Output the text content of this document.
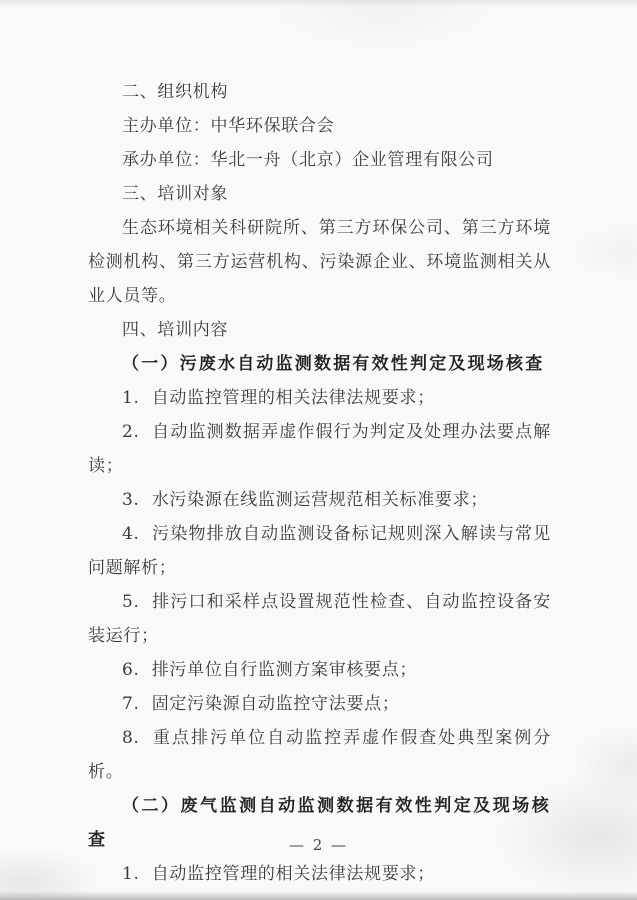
二、组织机构

主办单位：中华环保联合会

承办单位：华北一舟（北京）企业管理有限公司

三、培训对象

生态环境相关科研院所、第三方环保公司、第三方环境检测机构、第三方运营机构、污染源企业、环境监测相关从业人员等。

四、培训内容

（一）污废水自动监测数据有效性判定及现场核查

1. 自动监控管理的相关法律法规要求；

2. 自动监测数据弄虚作假行为判定及处理办法要点解读；

3. 水污染源在线监测运营规范相关标准要求；

4. 污染物排放自动监测设备标记规则深入解读与常见问题解析；

5. 排污口和采样点设置规范性检查、自动监控设备安装运行；

6. 排污单位自行监测方案审核要点；

7. 固定污染源自动监控守法要点；

8. 重点排污单位自动监控弄虚作假查处典型案例分析。

（二）废气监测自动监测数据有效性判定及现场核查

1. 自动监控管理的相关法律法规要求；

— 2 —
